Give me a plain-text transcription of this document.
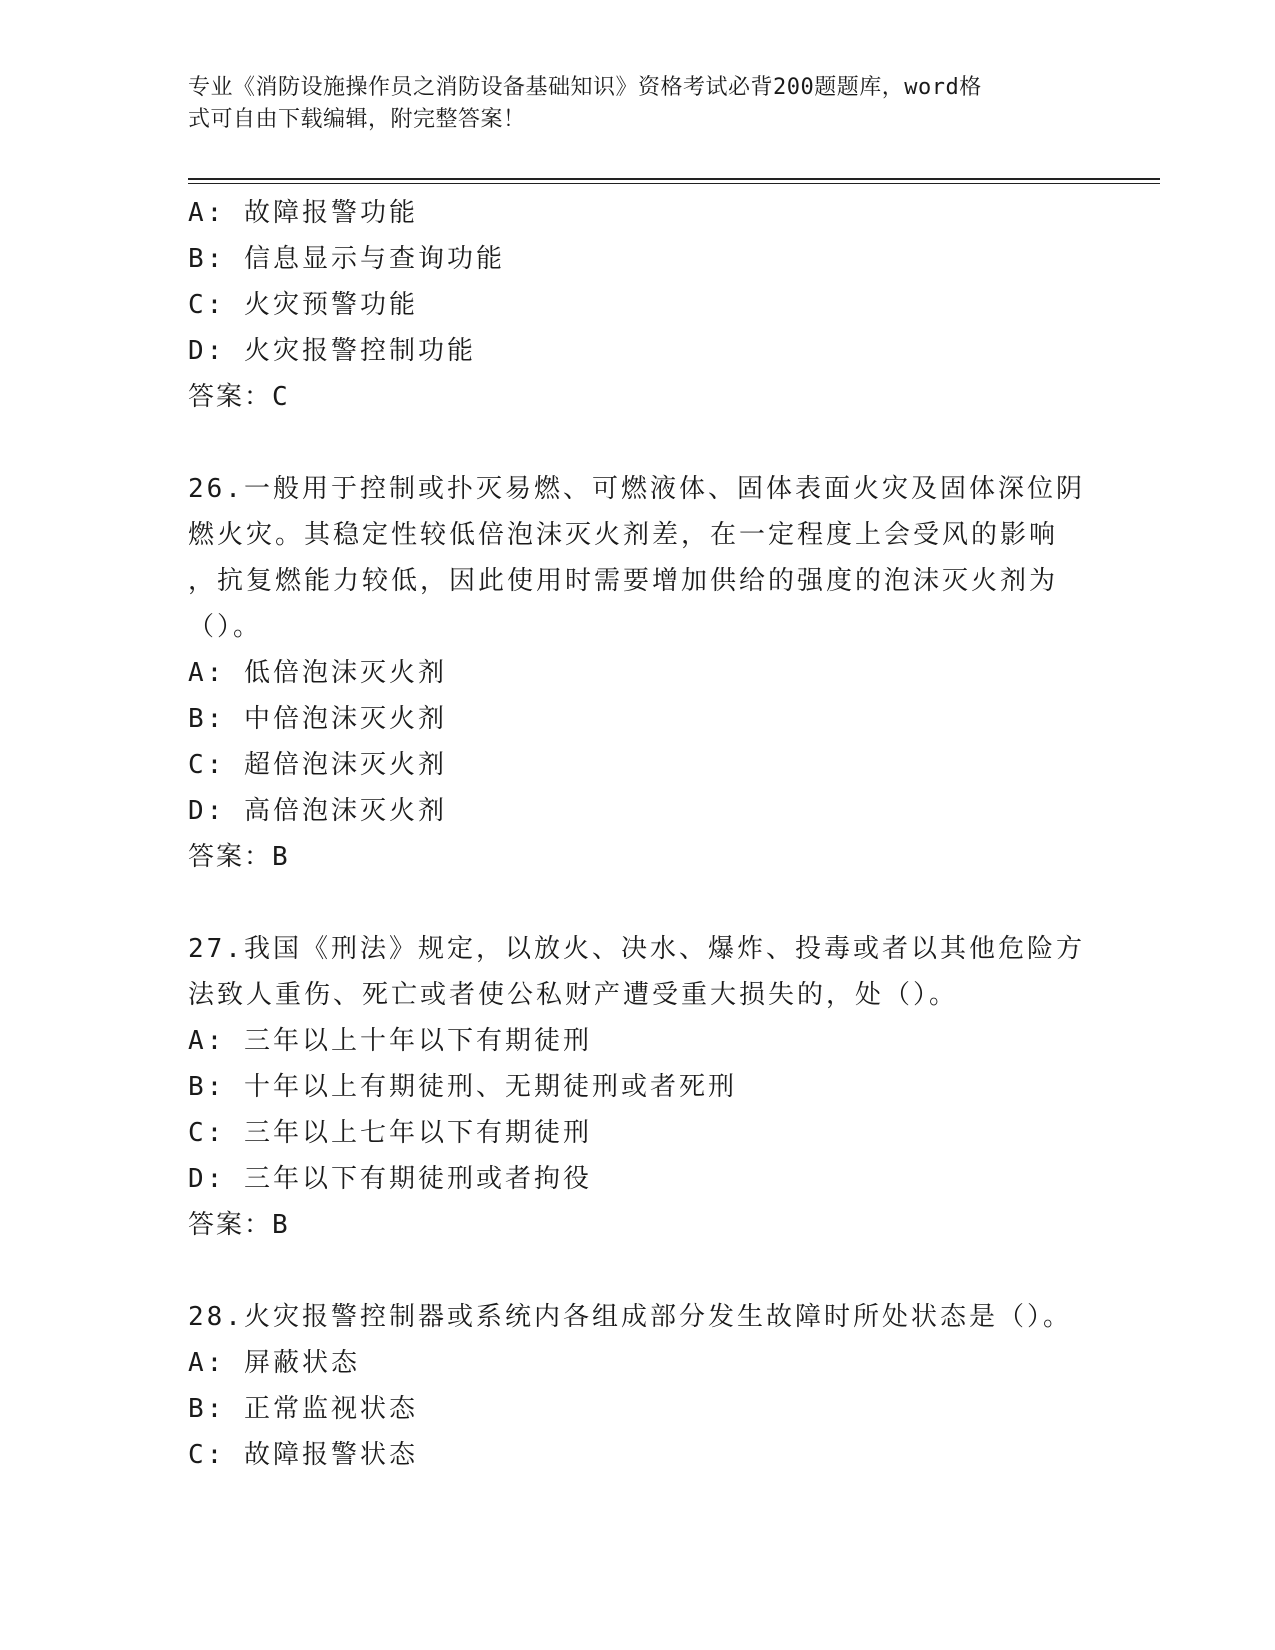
专业《消防设施操作员之消防设备基础知识》资格考试必背200题题库，word格
式可自由下载编辑，附完整答案！
A: 故障报警功能
B: 信息显示与查询功能
C: 火灾预警功能
D: 火灾报警控制功能
答案：C
26.一般用于控制或扑灭易燃、可燃液体、固体表面火灾及固体深位阴
燃火灾。其稳定性较低倍泡沫灭火剂差，在一定程度上会受风的影响
，抗复燃能力较低，因此使用时需要增加供给的强度的泡沫灭火剂为
（）。
A: 低倍泡沫灭火剂
B: 中倍泡沫灭火剂
C: 超倍泡沫灭火剂
D: 高倍泡沫灭火剂
答案：B
27.我国《刑法》规定，以放火、决水、爆炸、投毒或者以其他危险方
法致人重伤、死亡或者使公私财产遭受重大损失的，处（）。
A: 三年以上十年以下有期徒刑
B: 十年以上有期徒刑、无期徒刑或者死刑
C: 三年以上七年以下有期徒刑
D: 三年以下有期徒刑或者拘役
答案：B
28.火灾报警控制器或系统内各组成部分发生故障时所处状态是（）。
A: 屏蔽状态
B: 正常监视状态
C: 故障报警状态
